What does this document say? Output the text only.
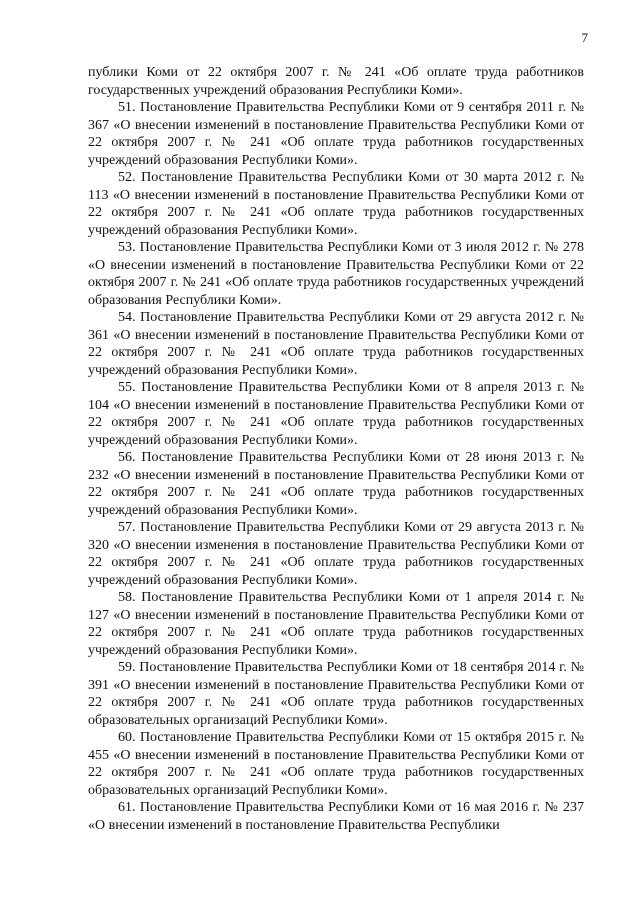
7

публики Коми от 22 октября 2007 г. № 241 «Об оплате труда работников государственных учреждений образования Республики Коми».

51. Постановление Правительства Республики Коми от 9 сентября 2011 г. № 367 «О внесении изменений в постановление Правительства Республики Коми от 22 октября 2007 г. № 241 «Об оплате труда работников государственных учреждений образования Республики Коми».

52. Постановление Правительства Республики Коми от 30 марта 2012 г. № 113 «О внесении изменений в постановление Правительства Республики Коми от 22 октября 2007 г. № 241 «Об оплате труда работников государственных учреждений образования Республики Коми».

53. Постановление Правительства Республики Коми от 3 июля 2012 г. № 278 «О внесении изменений в постановление Правительства Республики Коми от 22 октября 2007 г. № 241 «Об оплате труда работников государственных учреждений образования Республики Коми».

54. Постановление Правительства Республики Коми от 29 августа 2012 г. № 361 «О внесении изменений в постановление Правительства Республики Коми от 22 октября 2007 г. № 241 «Об оплате труда работников государственных учреждений образования Республики Коми».

55. Постановление Правительства Республики Коми от 8 апреля 2013 г. № 104 «О внесении изменений в постановление Правительства Республики Коми от 22 октября 2007 г. № 241 «Об оплате труда работников государственных учреждений образования Республики Коми».

56. Постановление Правительства Республики Коми от 28 июня 2013 г. № 232 «О внесении изменений в постановление Правительства Республики Коми от 22 октября 2007 г. № 241 «Об оплате труда работников государственных учреждений образования Республики Коми».

57. Постановление Правительства Республики Коми от 29 августа 2013 г. № 320 «О внесении изменения в постановление Правительства Республики Коми от 22 октября 2007 г. № 241 «Об оплате труда работников государственных учреждений образования Республики Коми».

58. Постановление Правительства Республики Коми от 1 апреля 2014 г. № 127 «О внесении изменений в постановление Правительства Республики Коми от 22 октября 2007 г. № 241 «Об оплате труда работников государственных учреждений образования Республики Коми».

59. Постановление Правительства Республики Коми от 18 сентября 2014 г. № 391 «О внесении изменений в постановление Правительства Республики Коми от 22 октября 2007 г. № 241 «Об оплате труда работников государственных образовательных организаций Республики Коми».

60. Постановление Правительства Республики Коми от 15 октября 2015 г. № 455 «О внесении изменений в постановление Правительства Республики Коми от 22 октября 2007 г. № 241 «Об оплате труда работников государственных образовательных организаций Республики Коми».

61. Постановление Правительства Республики Коми от 16 мая 2016 г. № 237 «О внесении изменений в постановление Правительства Республики
